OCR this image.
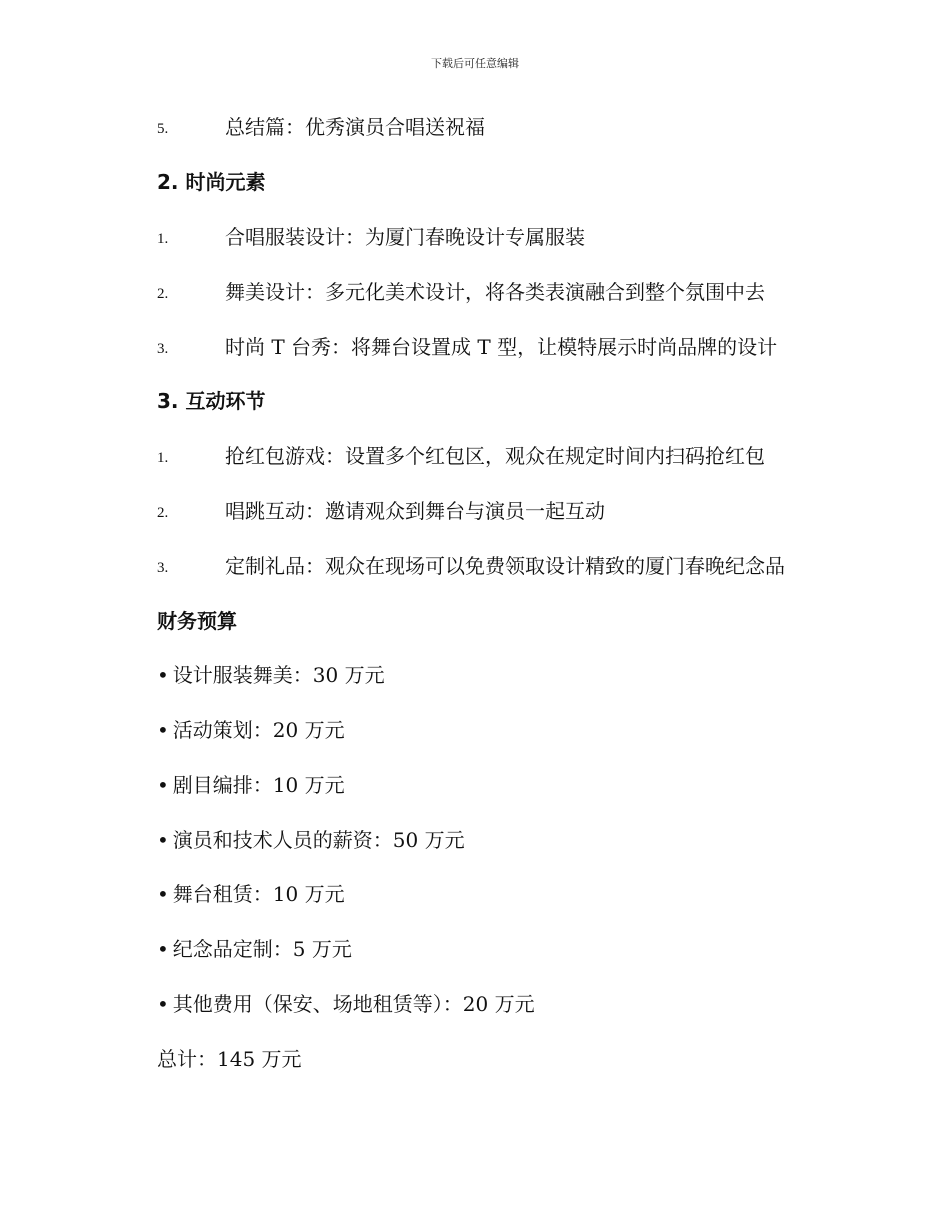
下载后可任意编辑
5.	总结篇：优秀演员合唱送祝福
2. 时尚元素
1.	合唱服装设计：为厦门春晚设计专属服装
2.	舞美设计：多元化美术设计，将各类表演融合到整个氛围中去
3.	时尚 T 台秀：将舞台设置成 T 型，让模特展示时尚品牌的设计
3. 互动环节
1.	抢红包游戏：设置多个红包区，观众在规定时间内扫码抢红包
2.	唱跳互动：邀请观众到舞台与演员一起互动
3.	定制礼品：观众在现场可以免费领取设计精致的厦门春晚纪念品
财务预算
• 设计服装舞美：30 万元
• 活动策划：20 万元
• 剧目编排：10 万元
• 演员和技术人员的薪资：50 万元
• 舞台租赁：10 万元
• 纪念品定制：5 万元
• 其他费用（保安、场地租赁等）：20 万元
总计：145 万元
